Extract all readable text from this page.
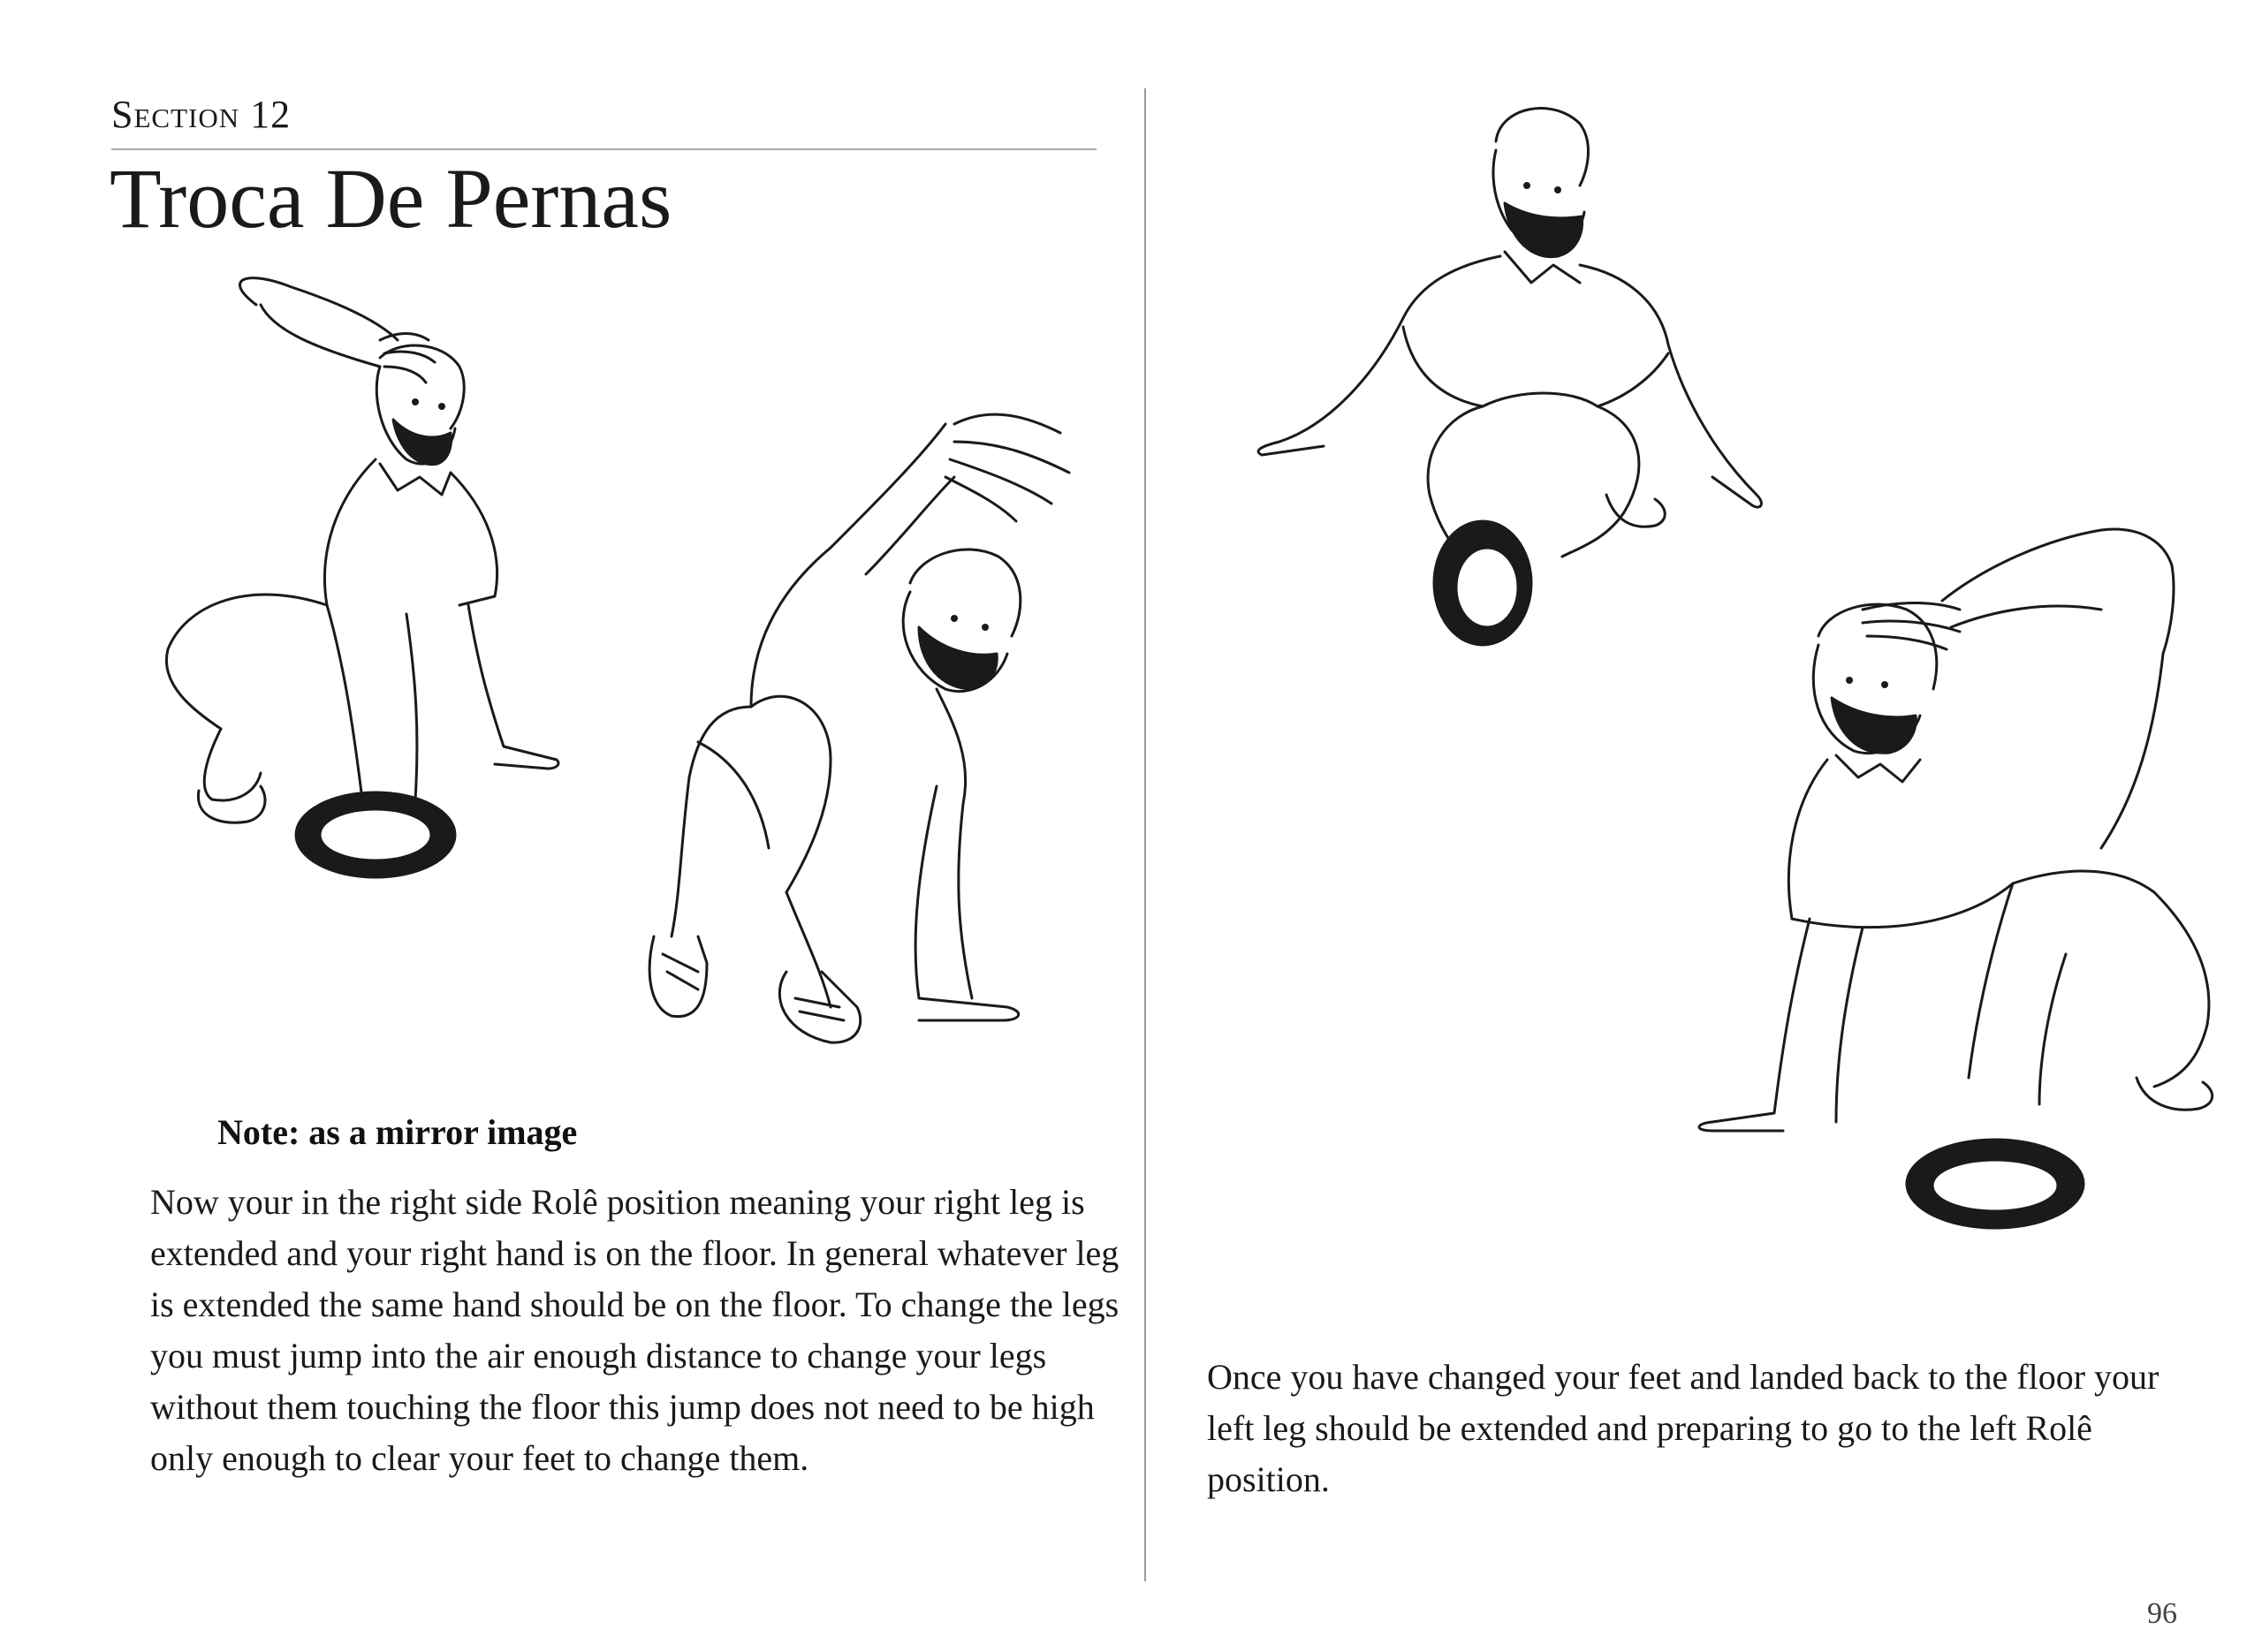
Section 12
Troca De Pernas
Note: as a mirror image

Now your in the right side Rolê position meaning your right leg is extended and your right hand is on the floor. In general whatever leg is extended the same hand should be on the floor. To change the legs you must jump into the air enough distance to change your legs without them touching the floor this jump does not need to be high only enough to clear your feet to change them.

Once you have changed your feet and landed back to the floor your left leg should be extended and preparing to go to the left Rolê position.

96
